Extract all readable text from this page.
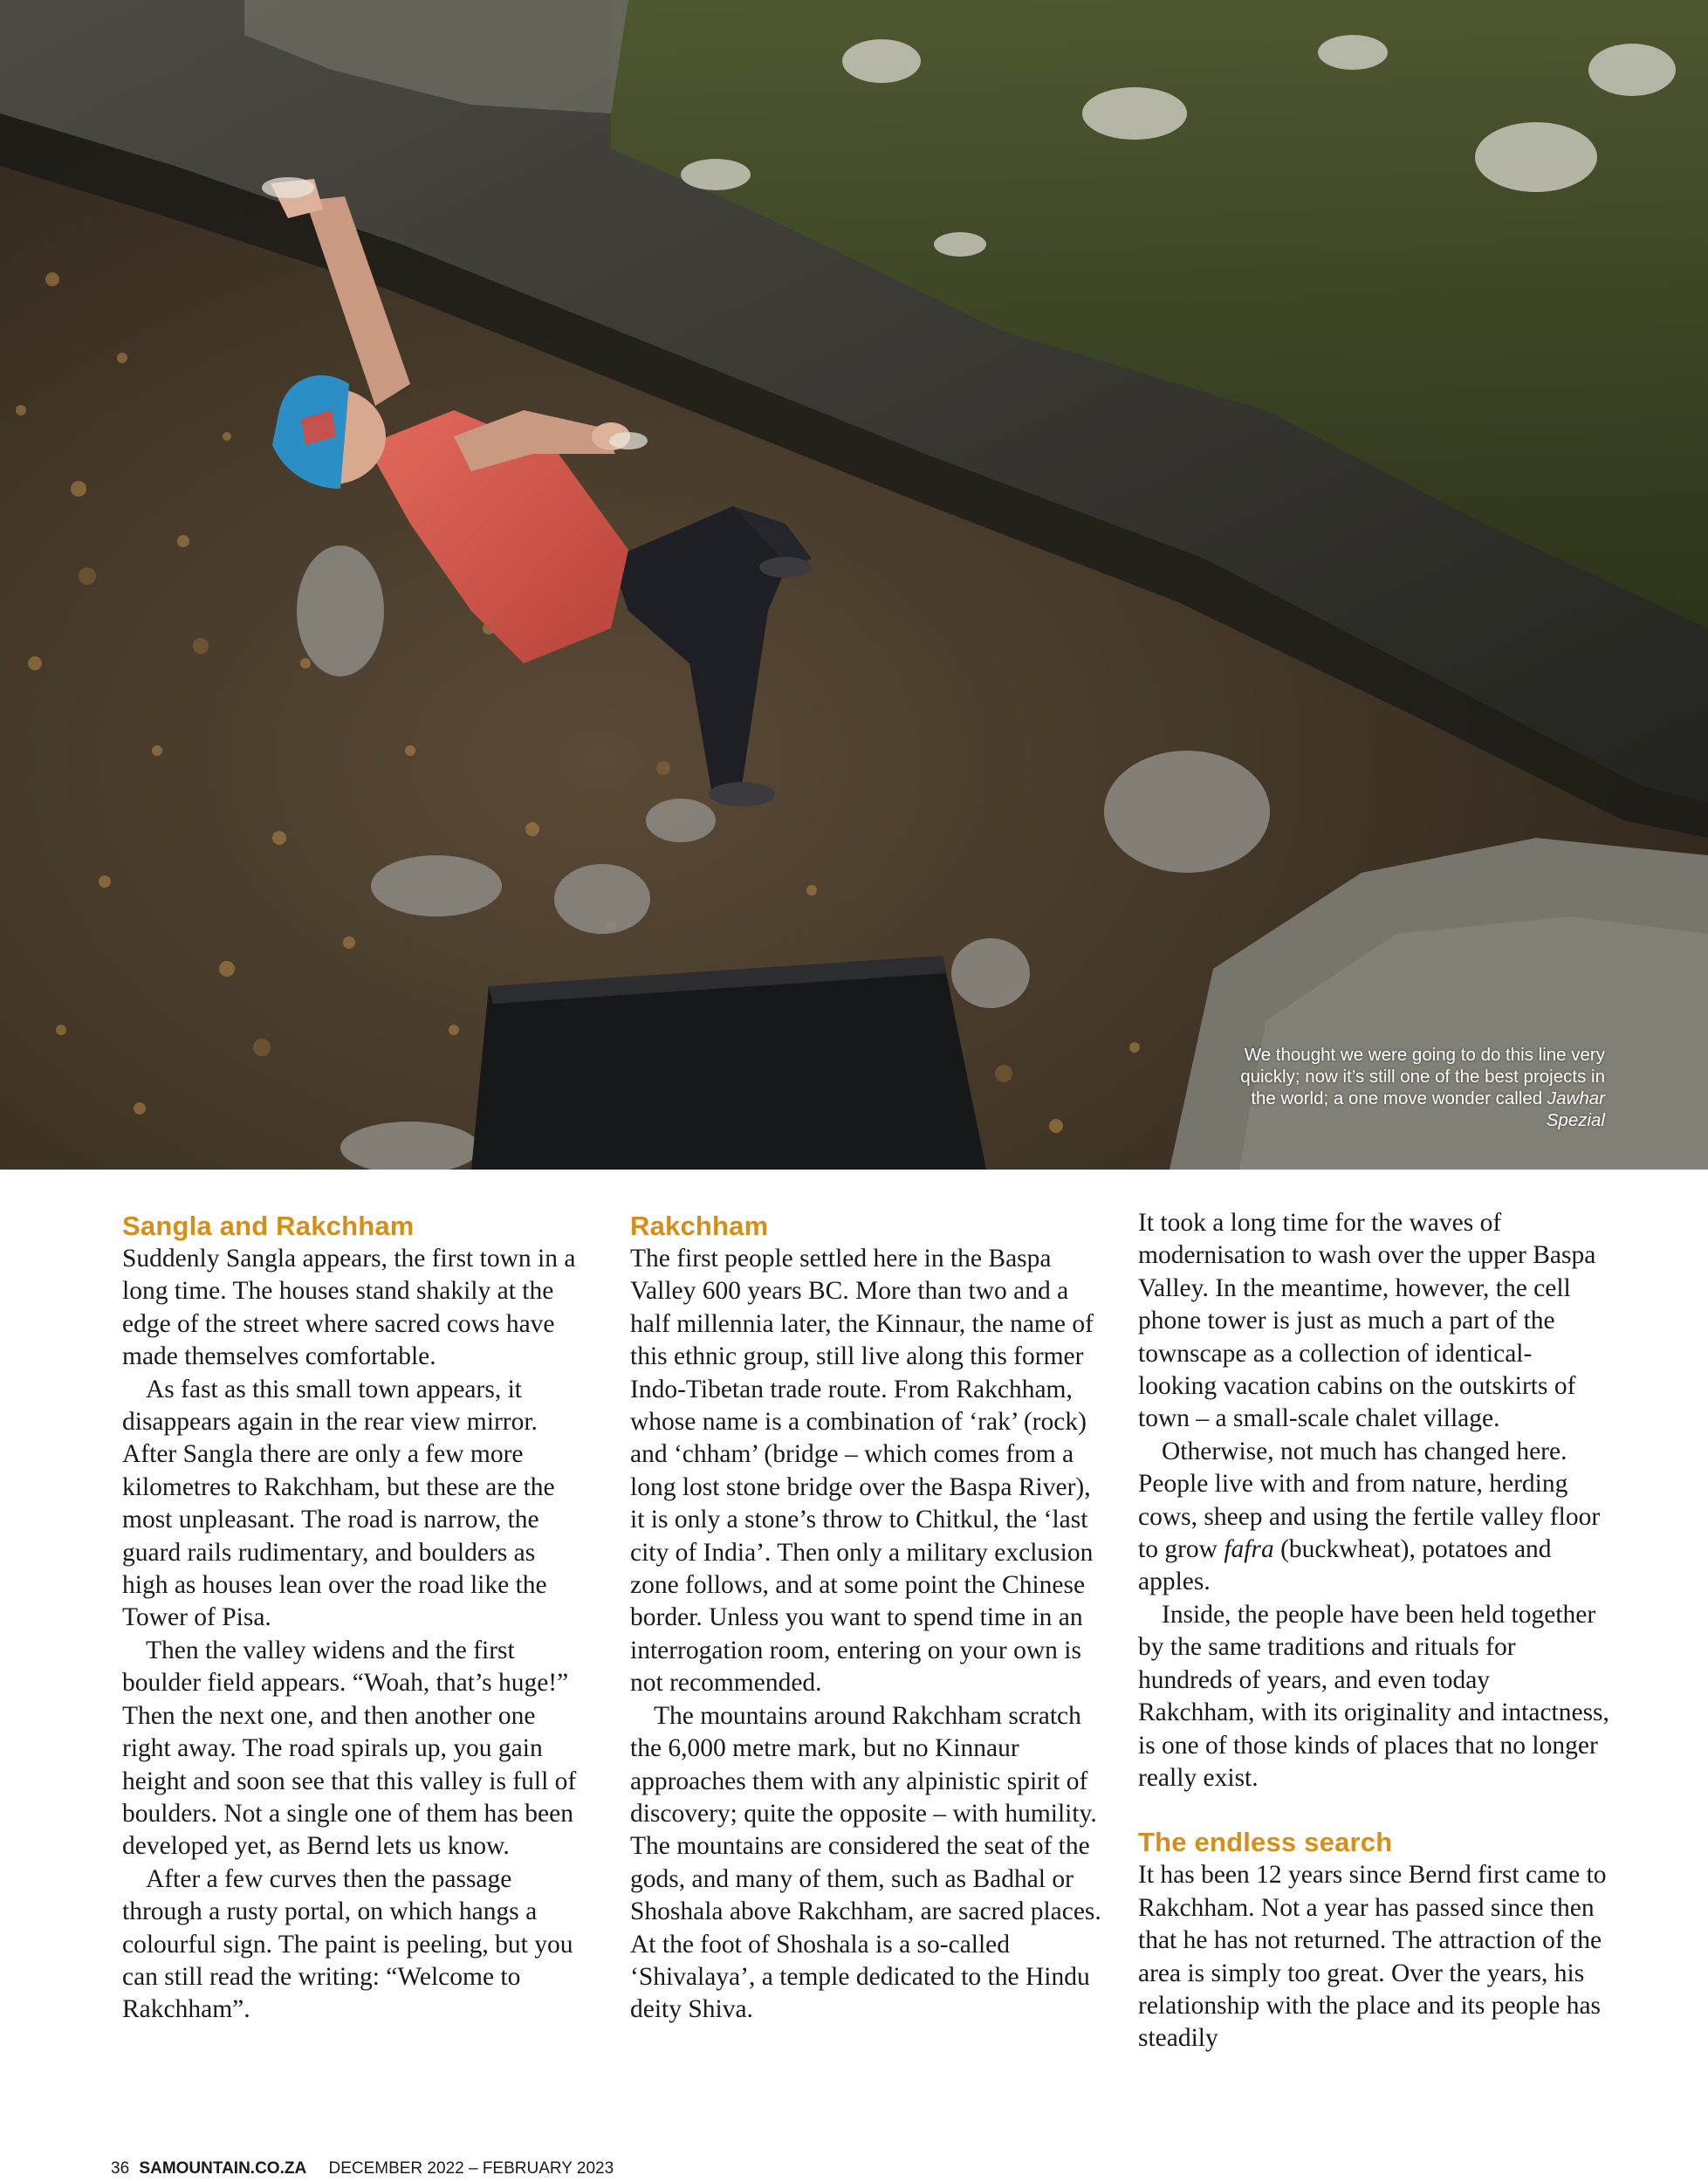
We thought we were going to do this line very quickly; now it’s still one of the best projects in the world; a one move wonder called Jawhar Spezial
Sangla and Rakchham

Suddenly Sangla appears, the first town in a long time. The houses stand shakily at the edge of the street where sacred cows have made themselves comfortable.

As fast as this small town appears, it disappears again in the rear view mirror. After Sangla there are only a few more kilometres to Rakchham, but these are the most unpleasant. The road is narrow, the guard rails rudimentary, and boulders as high as houses lean over the road like the Tower of Pisa.

Then the valley widens and the first boulder field appears. “Woah, that’s huge!” Then the next one, and then another one right away. The road spirals up, you gain height and soon see that this valley is full of boulders. Not a single one of them has been developed yet, as Bernd lets us know.

After a few curves then the passage through a rusty portal, on which hangs a colourful sign. The paint is peeling, but you can still read the writing: “Welcome to Rakchham”.

Rakchham

The first people settled here in the Baspa Valley 600 years BC. More than two and a half millennia later, the Kinnaur, the name of this ethnic group, still live along this former Indo-Tibetan trade route. From Rakchham, whose name is a combination of ‘rak’ (rock) and ‘chham’ (bridge – which comes from a long lost stone bridge over the Baspa River), it is only a stone’s throw to Chitkul, the ‘last city of India’. Then only a military exclusion zone follows, and at some point the Chinese border. Unless you want to spend time in an interrogation room, entering on your own is not recommended.

The mountains around Rakchham scratch the 6,000 metre mark, but no Kinnaur approaches them with any alpinistic spirit of discovery; quite the opposite – with humility. The mountains are considered the seat of the gods, and many of them, such as Badhal or Shoshala above Rakchham, are sacred places. At the foot of Shoshala is a so-called ‘Shivalaya’, a temple dedicated to the Hindu deity Shiva.

It took a long time for the waves of modernisation to wash over the upper Baspa Valley. In the meantime, however, the cell phone tower is just as much a part of the townscape as a collection of identical-looking vacation cabins on the outskirts of town – a small-scale chalet village.

Otherwise, not much has changed here. People live with and from nature, herding cows, sheep and using the fertile valley floor to grow fafra (buckwheat), potatoes and apples.

Inside, the people have been held together by the same traditions and rituals for hundreds of years, and even today Rakchham, with its originality and intactness, is one of those kinds of places that no longer really exist.

The endless search

It has been 12 years since Bernd first came to Rakchham. Not a year has passed since then that he has not returned. The attraction of the area is simply too great. Over the years, his relationship with the place and its people has steadily

36 SAMOUNTAIN.CO.ZA DECEMBER 2022 – FEBRUARY 2023
